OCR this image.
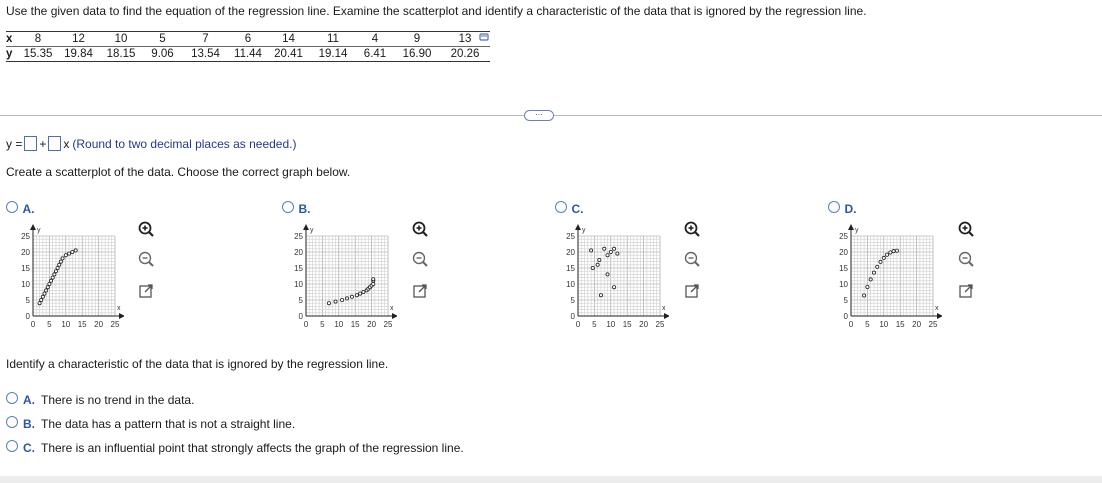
Use the given data to find the equation of the regression line. Examine the scatterplot and identify a characteristic of the data that is ignored by the regression line.
x	8	12	10	5	7	6	14	11	4	9	13
y	15.35	19.84	18.15	9.06	13.54	11.44	20.41	19.14	6.41	16.90	20.26
···
y = + x (Round to two decimal places as needed.)
Create a scatterplot of the data. Choose the correct graph below.
A.
x
y
25
20
15
10
5
0
0 5 10 15 20 25
B.
x
y
25
20
15
10
5
0
0 5 10 15 20 25
C.
x
y
25
20
15
10
5
0
0 5 10 15 20 25
D.
x
y
25
20
15
10
5
0
0 5 10 15 20 25
Identify a characteristic of the data that is ignored by the regression line.
A. There is no trend in the data.
B. The data has a pattern that is not a straight line.
C. There is an influential point that strongly affects the graph of the regression line.
